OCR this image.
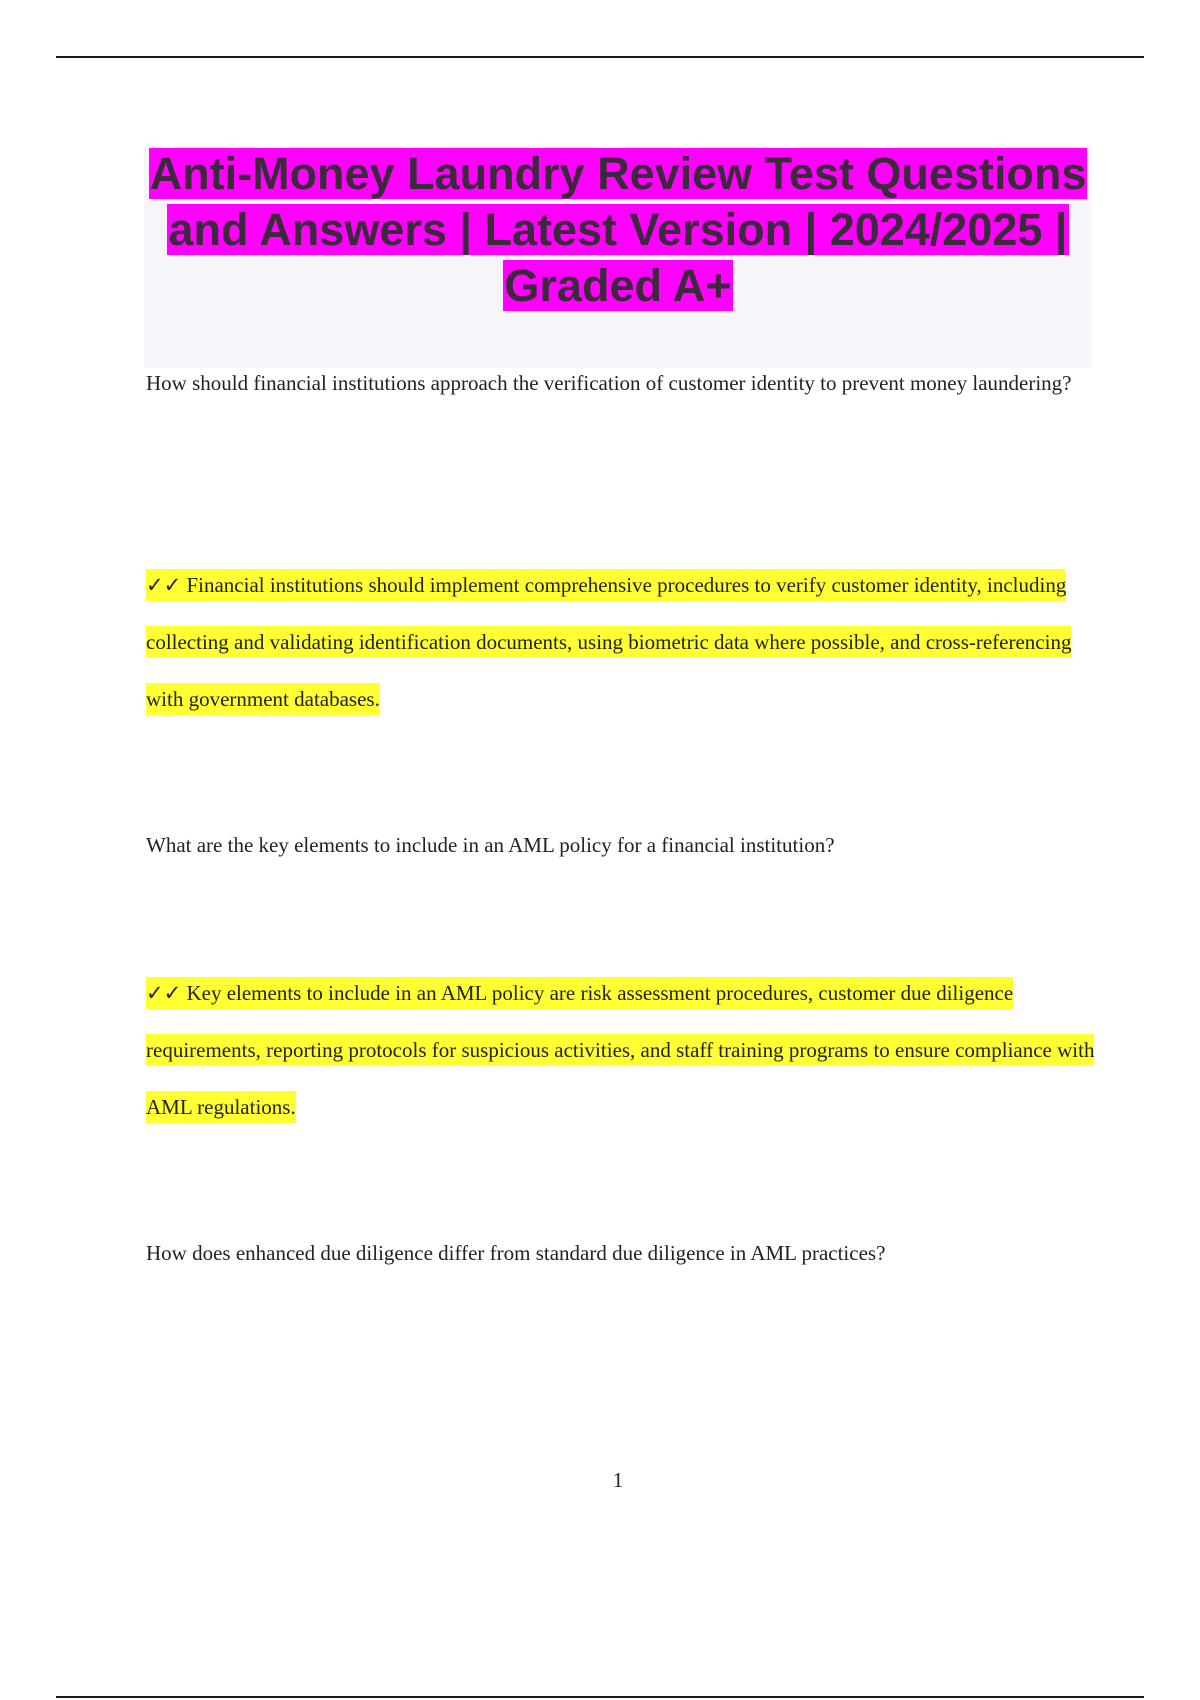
Anti-Money Laundry Review Test Questions and Answers | Latest Version | 2024/2025 | Graded A+

How should financial institutions approach the verification of customer identity to prevent money laundering?

✓✓ Financial institutions should implement comprehensive procedures to verify customer identity, including collecting and validating identification documents, using biometric data where possible, and cross-referencing with government databases.

What are the key elements to include in an AML policy for a financial institution?

✓✓ Key elements to include in an AML policy are risk assessment procedures, customer due diligence requirements, reporting protocols for suspicious activities, and staff training programs to ensure compliance with AML regulations.

How does enhanced due diligence differ from standard due diligence in AML practices?

1
